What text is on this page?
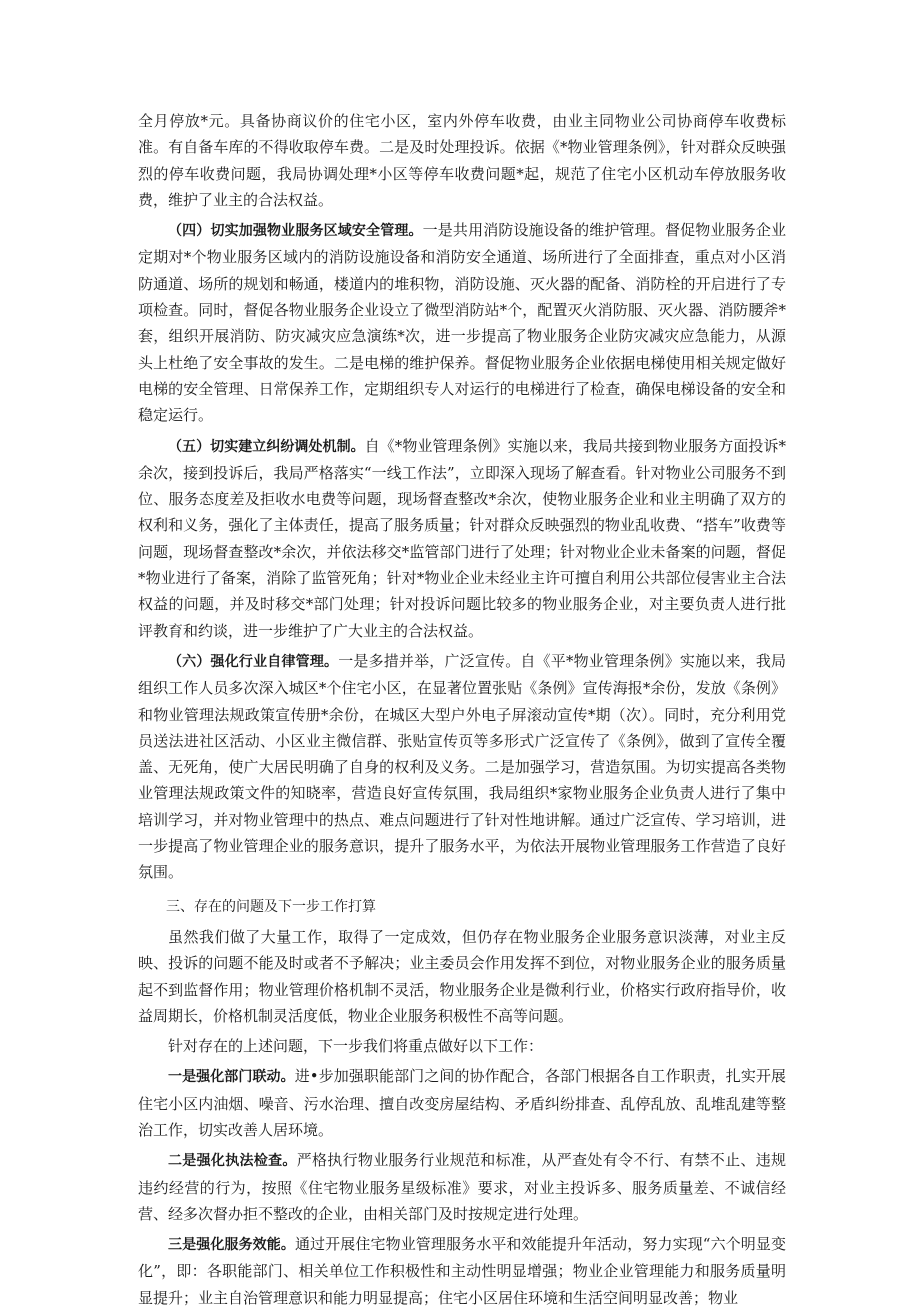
全月停放*元。具备协商议价的住宅小区，室内外停车收费，由业主同物业公司协商停车收费标准。有自备车库的不得收取停车费。二是及时处理投诉。依据《*物业管理条例》，针对群众反映强烈的停车收费问题，我局协调处理*小区等停车收费问题*起，规范了住宅小区机动车停放服务收费，维护了业主的合法权益。

（四）切实加强物业服务区域安全管理。一是共用消防设施设备的维护管理。督促物业服务企业定期对*个物业服务区域内的消防设施设备和消防安全通道、场所进行了全面排查，重点对小区消防通道、场所的规划和畅通，楼道内的堆积物，消防设施、灭火器的配备、消防栓的开启进行了专项检查。同时，督促各物业服务企业设立了微型消防站*个，配置灭火消防服、灭火器、消防腰斧*套，组织开展消防、防灾减灾应急演练*次，进一步提高了物业服务企业防灾减灾应急能力，从源头上杜绝了安全事故的发生。二是电梯的维护保养。督促物业服务企业依据电梯使用相关规定做好电梯的安全管理、日常保养工作，定期组织专人对运行的电梯进行了检查，确保电梯设备的安全和稳定运行。

（五）切实建立纠纷调处机制。自《*物业管理条例》实施以来，我局共接到物业服务方面投诉*余次，接到投诉后，我局严格落实“一线工作法”，立即深入现场了解查看。针对物业公司服务不到位、服务态度差及拒收水电费等问题，现场督查整改*余次，使物业服务企业和业主明确了双方的权利和义务，强化了主体责任，提高了服务质量；针对群众反映强烈的物业乱收费、“搭车”收费等问题，现场督查整改*余次，并依法移交*监管部门进行了处理；针对物业企业未备案的问题，督促*物业进行了备案，消除了监管死角；针对*物业企业未经业主许可擅自利用公共部位侵害业主合法权益的问题，并及时移交*部门处理；针对投诉问题比较多的物业服务企业，对主要负责人进行批评教育和约谈，进一步维护了广大业主的合法权益。

（六）强化行业自律管理。一是多措并举，广泛宣传。自《平*物业管理条例》实施以来，我局组织工作人员多次深入城区*个住宅小区，在显著位置张贴《条例》宣传海报*余份，发放《条例》和物业管理法规政策宣传册*余份，在城区大型户外电子屏滚动宣传*期（次）。同时，充分利用党员送法进社区活动、小区业主微信群、张贴宣传页等多形式广泛宣传了《条例》，做到了宣传全覆盖、无死角，使广大居民明确了自身的权利及义务。二是加强学习，营造氛围。为切实提高各类物业管理法规政策文件的知晓率，营造良好宣传氛围，我局组织*家物业服务企业负责人进行了集中培训学习，并对物业管理中的热点、难点问题进行了针对性地讲解。通过广泛宣传、学习培训，进一步提高了物业管理企业的服务意识，提升了服务水平，为依法开展物业管理服务工作营造了良好氛围。

三、存在的问题及下一步工作打算

虽然我们做了大量工作，取得了一定成效，但仍存在物业服务企业服务意识淡薄，对业主反映、投诉的问题不能及时或者不予解决；业主委员会作用发挥不到位，对物业服务企业的服务质量起不到监督作用；物业管理价格机制不灵活，物业服务企业是微利行业，价格实行政府指导价，收益周期长，价格机制灵活度低，物业企业服务积极性不高等问题。

针对存在的上述问题，下一步我们将重点做好以下工作：

一是强化部门联动。进•步加强职能部门之间的协作配合，各部门根据各自工作职责，扎实开展住宅小区内油烟、噪音、污水治理、擅自改变房屋结构、矛盾纠纷排查、乱停乱放、乱堆乱建等整治工作，切实改善人居环境。

二是强化执法检查。严格执行物业服务行业规范和标准，从严查处有令不行、有禁不止、违规违约经营的行为，按照《住宅物业服务星级标准》要求，对业主投诉多、服务质量差、不诚信经营、经多次督办拒不整改的企业，由相关部门及时按规定进行处理。

三是强化服务效能。通过开展住宅物业管理服务水平和效能提升年活动，努力实现“六个明显变化”，即：各职能部门、相关单位工作积极性和主动性明显增强；物业企业管理能力和服务质量明显提升；业主自治管理意识和能力明显提高；住宅小区居住环境和生活空间明显改善；物业
